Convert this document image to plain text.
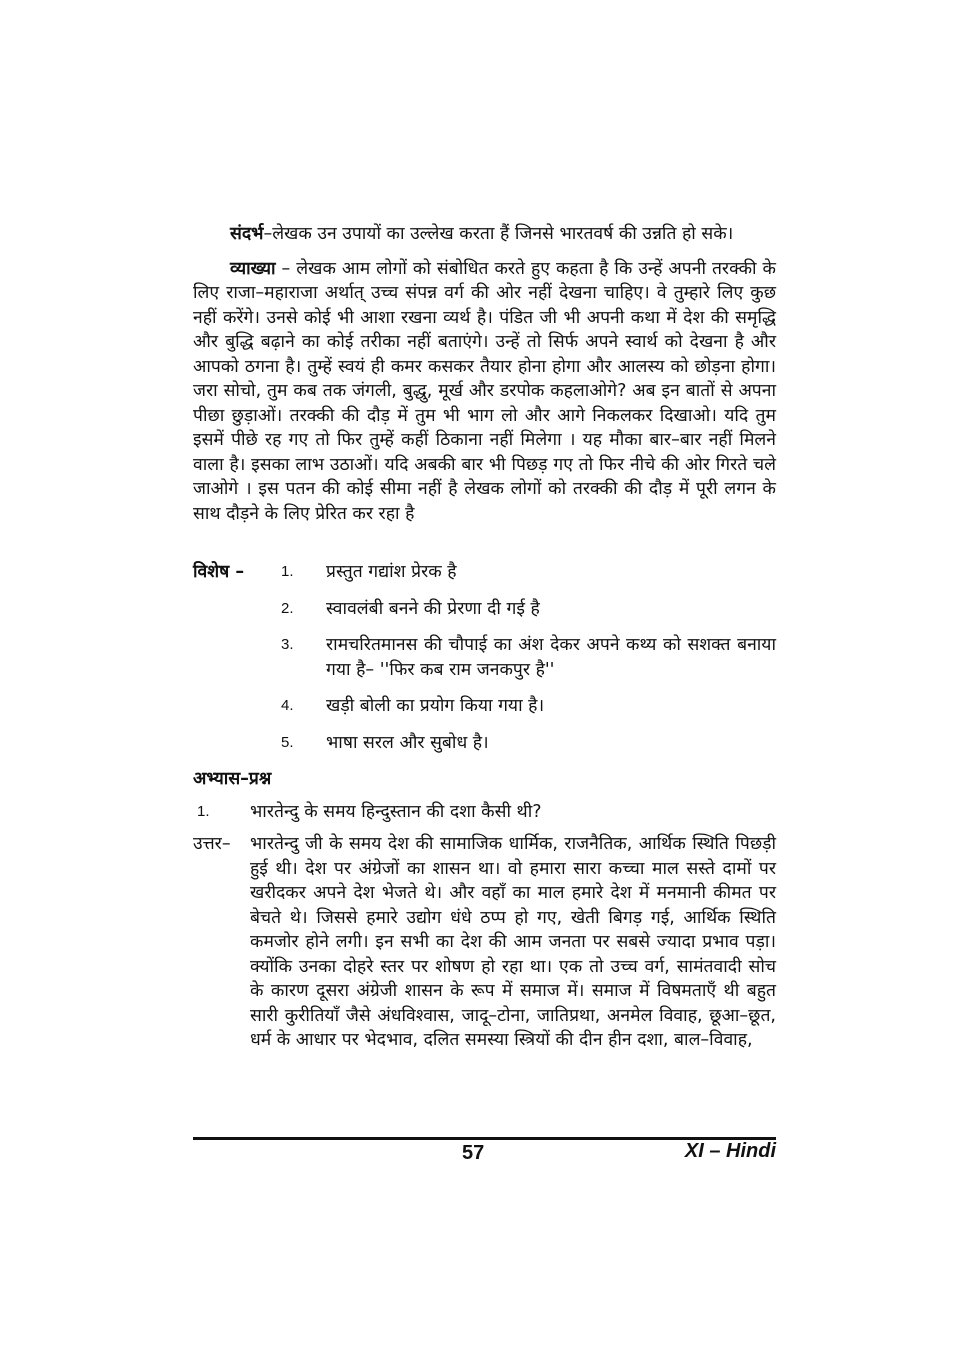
संदर्भ–लेखक उन उपायों का उल्लेख करता हैं जिनसे भारतवर्ष की उन्नति हो सके।

व्याख्या – लेखक आम लोगों को संबोधित करते हुए कहता है कि उन्हें अपनी तरक्की के लिए राजा–महाराजा अर्थात् उच्च संपन्न वर्ग की ओर नहीं देखना चाहिए। वे तुम्हारे लिए कुछ नहीं करेंगे। उनसे कोई भी आशा रखना व्यर्थ है। पंडित जी भी अपनी कथा में देश की समृद्धि और बुद्धि बढ़ाने का कोई तरीका नहीं बताएंगे। उन्हें तो सिर्फ अपने स्वार्थ को देखना है और आपको ठगना है। तुम्हें स्वयं ही कमर कसकर तैयार होना होगा और आलस्य को छोड़ना होगा। जरा सोचो, तुम कब तक जंगली, बुद्धु, मूर्ख और डरपोक कहलाओगे? अब इन बातों से अपना पीछा छुड़ाओं। तरक्की की दौड़ में तुम भी भाग लो और आगे निकलकर दिखाओ। यदि तुम इसमें पीछे रह गए तो फिर तुम्हें कहीं ठिकाना नहीं मिलेगा । यह मौका बार–बार नहीं मिलने वाला है। इसका लाभ उठाओं। यदि अबकी बार भी पिछड़ गए तो फिर नीचे की ओर गिरते चले जाओगे । इस पतन की कोई सीमा नहीं है लेखक लोगों को तरक्की की दौड़ में पूरी लगन के साथ दौड़ने के लिए प्रेरित कर रहा है

विशेष – 1. प्रस्तुत गद्यांश प्रेरक है
2. स्वावलंबी बनने की प्रेरणा दी गई है
3. रामचरितमानस की चौपाई का अंश देकर अपने कथ्य को सशक्त बनाया गया है– ''फिर कब राम जनकपुर है''
4. खड़ी बोली का प्रयोग किया गया है।
5. भाषा सरल और सुबोध है।
अभ्यास–प्रश्न
1. भारतेन्दु के समय हिन्दुस्तान की दशा कैसी थी?
उत्तर– भारतेन्दु जी के समय देश की सामाजिक धार्मिक, राजनैतिक, आर्थिक स्थिति पिछड़ी हुई थी। देश पर अंग्रेजों का शासन था। वो हमारा सारा कच्चा माल सस्ते दामों पर खरीदकर अपने देश भेजते थे। और वहाँ का माल हमारे देश में मनमानी कीमत पर बेचते थे। जिससे हमारे उद्योग धंधे ठप्प हो गए, खेती बिगड़ गई, आर्थिक स्थिति कमजोर होने लगी। इन सभी का देश की आम जनता पर सबसे ज्यादा प्रभाव पड़ा। क्योंकि उनका दोहरे स्तर पर शोषण हो रहा था। एक तो उच्च वर्ग, सामंतवादी सोच के कारण दूसरा अंग्रेजी शासन के रूप में समाज में। समाज में विषमताएँ थी बहुत सारी कुरीतियाँ जैसे अंधविश्वास, जादू–टोना, जातिप्रथा, अनमेल विवाह, छूआ–छूत, धर्म के आधार पर भेदभाव, दलित समस्या स्त्रियों की दीन हीन दशा, बाल–विवाह,
57	XI – Hindi
